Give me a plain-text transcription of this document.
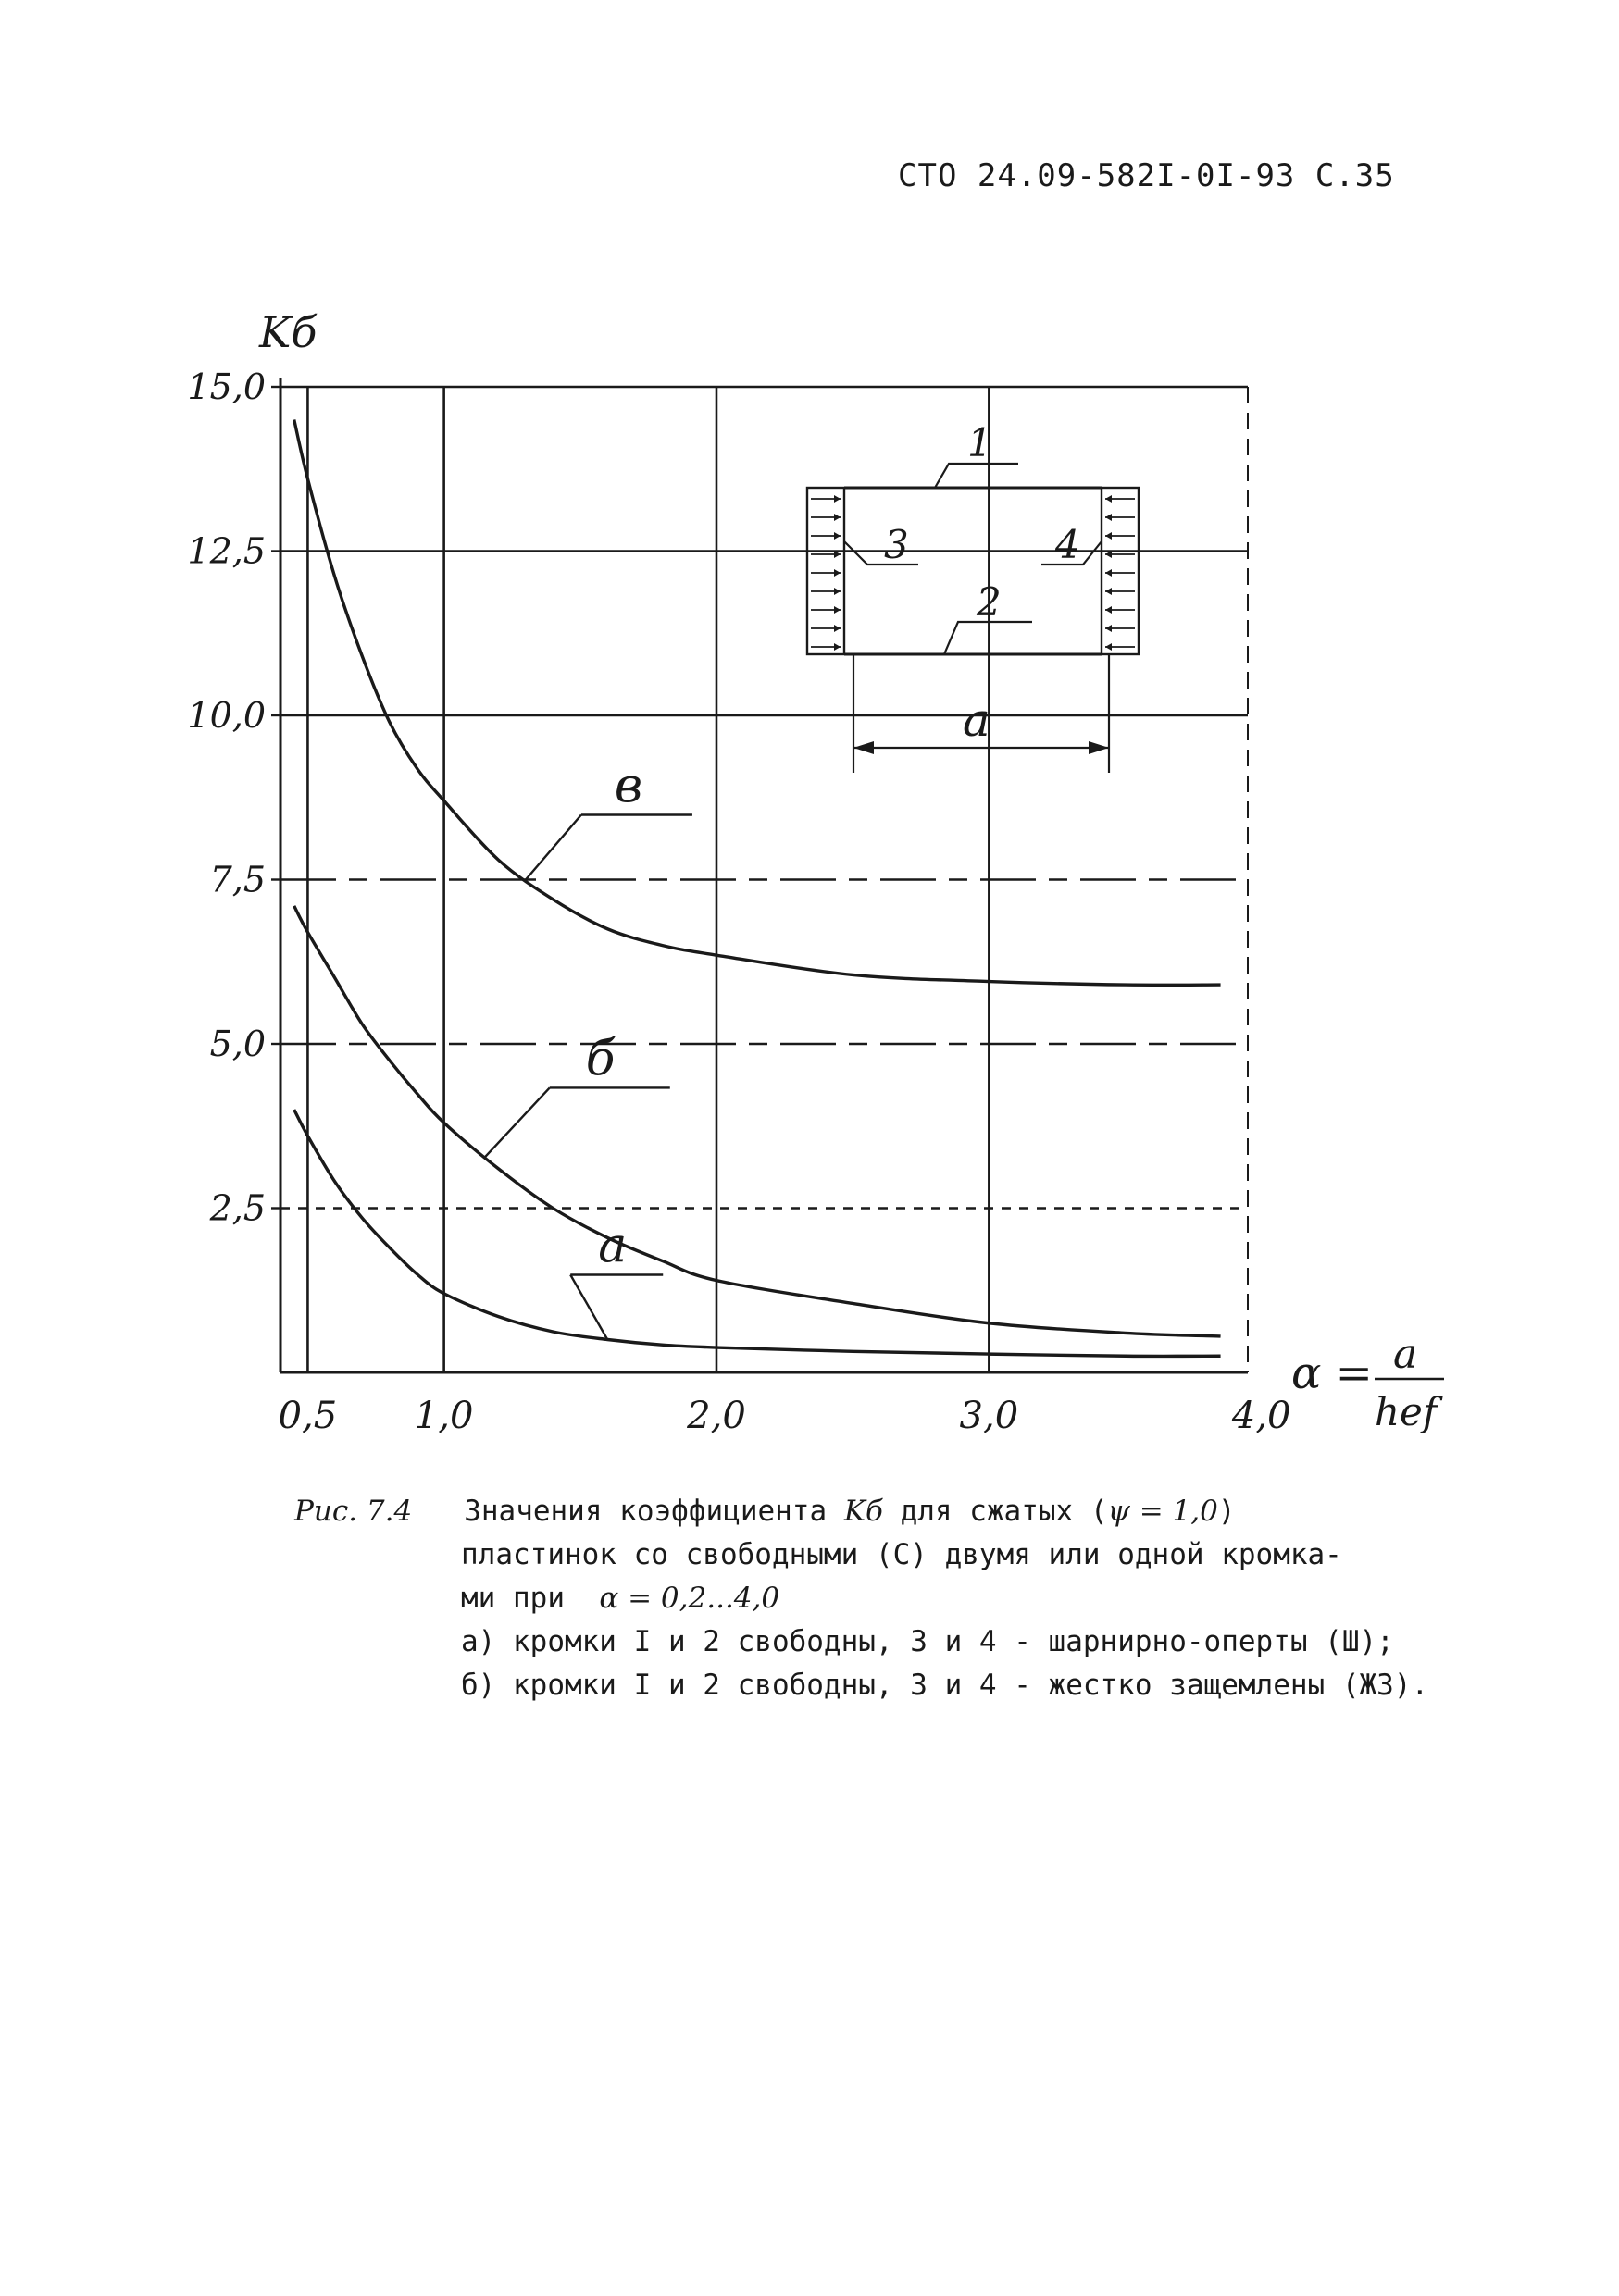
СТО 24.09-582I-0I-93 С.35
в
б
а
2,5
5,0
7,5
10,0
12,5
15,0
0,5 1,0	2,0	3,0	4,0
Kб
α = a
hef
a
1
2
3	4
Рис. 7.4 Значения коэффициента Kб для сжатых (ψ = 1,0)
пластинок со свободными (С) двумя или одной кромка-
ми при α = 0,2...4,0
а) кромки I и 2 свободны, 3 и 4 - шарнирно-оперты (Ш);
б) кромки I и 2 свободны, 3 и 4 - жестко защемлены (ЖЗ).
